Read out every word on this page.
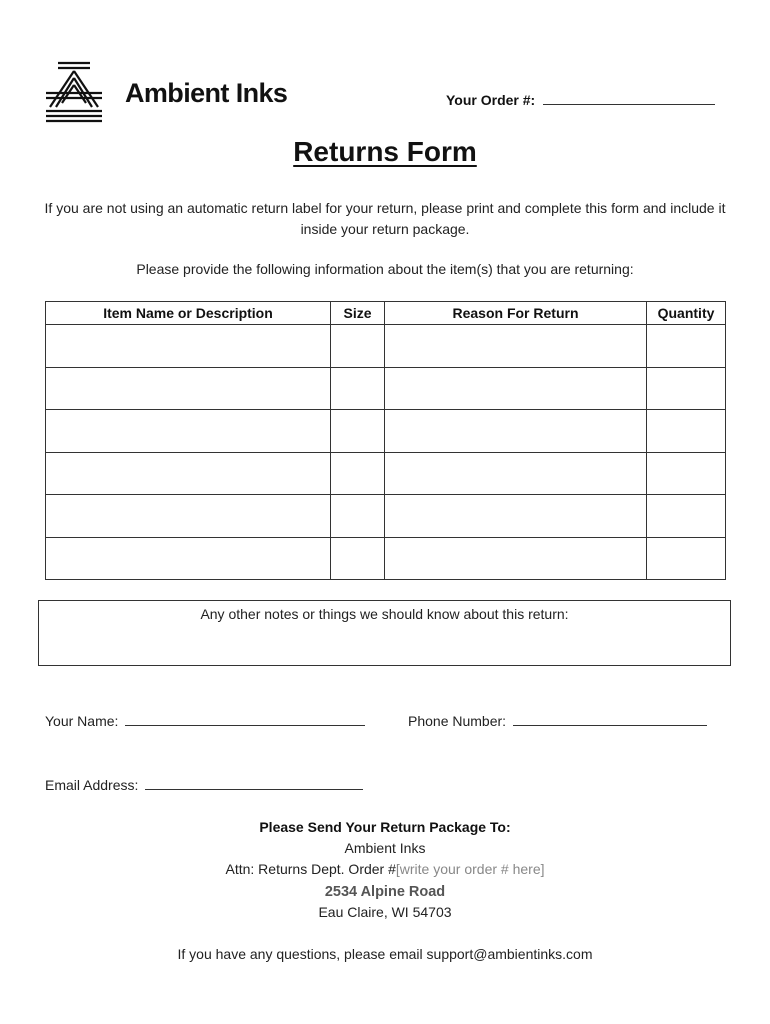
Ambient Inks	Your Order #:
Returns Form
If you are not using an automatic return label for your return, please print and complete this form and include it inside your return package.
Please provide the following information about the item(s) that you are returning:
Item Name or Description	Size	Reason For Return	Quantity

Any other notes or things we should know about this return:
Your Name:	Phone Number:
Email Address:
Please Send Your Return Package To:
Ambient Inks
Attn: Returns Dept. Order #[write your order # here]
2534 Alpine Road
Eau Claire, WI 54703
If you have any questions, please email support@ambientinks.com
